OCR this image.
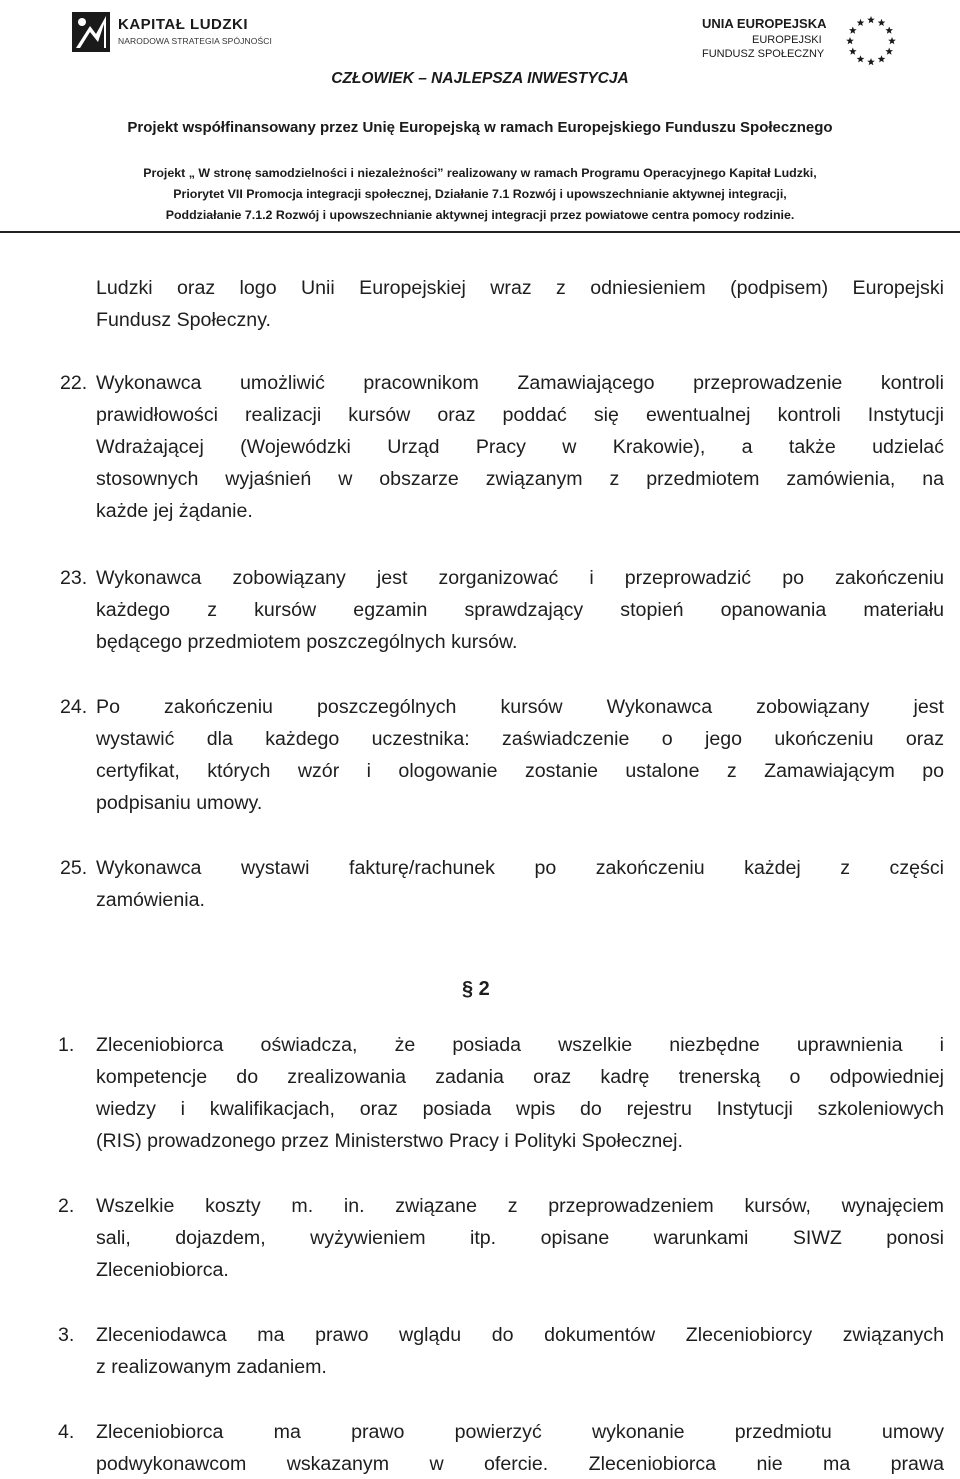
KAPITAŁ LUDZKI
NARODOWA STRATEGIA SPÓJNOŚCI
UNIA EUROPEJSKA
EUROPEJSKI
FUNDUSZ SPOŁECZNY
CZŁOWIEK – NAJLEPSZA INWESTYCJA
Projekt współfinansowany przez Unię Europejską w ramach Europejskiego Funduszu Społecznego
Projekt „ W stronę samodzielności i niezależności” realizowany w ramach Programu Operacyjnego Kapitał Ludzki,
Priorytet VII Promocja integracji społecznej, Działanie 7.1 Rozwój i upowszechnianie aktywnej integracji,
Poddziałanie 7.1.2 Rozwój i upowszechnianie aktywnej integracji przez powiatowe centra pomocy rodzinie.
Ludzki oraz logo Unii Europejskiej wraz z odniesieniem (podpisem) Europejski
Fundusz Społeczny.
22. Wykonawca umożliwić pracownikom Zamawiającego przeprowadzenie kontroli
prawidłowości realizacji kursów oraz poddać się ewentualnej kontroli Instytucji
Wdrażającej (Wojewódzki Urząd Pracy w Krakowie), a także udzielać
stosownych wyjaśnień w obszarze związanym z przedmiotem zamówienia, na
każde jej żądanie.
23. Wykonawca zobowiązany jest zorganizować i przeprowadzić po zakończeniu
każdego z kursów egzamin sprawdzający stopień opanowania materiału
będącego przedmiotem poszczególnych kursów.
24. Po zakończeniu poszczególnych kursów Wykonawca zobowiązany jest
wystawić dla każdego uczestnika: zaświadczenie o jego ukończeniu oraz
certyfikat, których wzór i ologowanie zostanie ustalone z Zamawiającym po
podpisaniu umowy.
25. Wykonawca wystawi fakturę/rachunek po zakończeniu każdej z części
zamówienia.
§ 2
1. Zleceniobiorca oświadcza, że posiada wszelkie niezbędne uprawnienia i
kompetencje do zrealizowania zadania oraz kadrę trenerską o odpowiedniej
wiedzy i kwalifikacjach, oraz posiada wpis do rejestru Instytucji szkoleniowych
(RIS) prowadzonego przez Ministerstwo Pracy i Polityki Społecznej.
2. Wszelkie koszty m. in. związane z przeprowadzeniem kursów, wynajęciem
sali, dojazdem, wyżywieniem itp. opisane warunkami SIWZ ponosi
Zleceniobiorca.
3. Zleceniodawca ma prawo wglądu do dokumentów Zleceniobiorcy związanych
z realizowanym zadaniem.
4. Zleceniobiorca ma prawo powierzyć wykonanie przedmiotu umowy
podwykonawcom wskazanym w ofercie. Zleceniobiorca nie ma prawa
